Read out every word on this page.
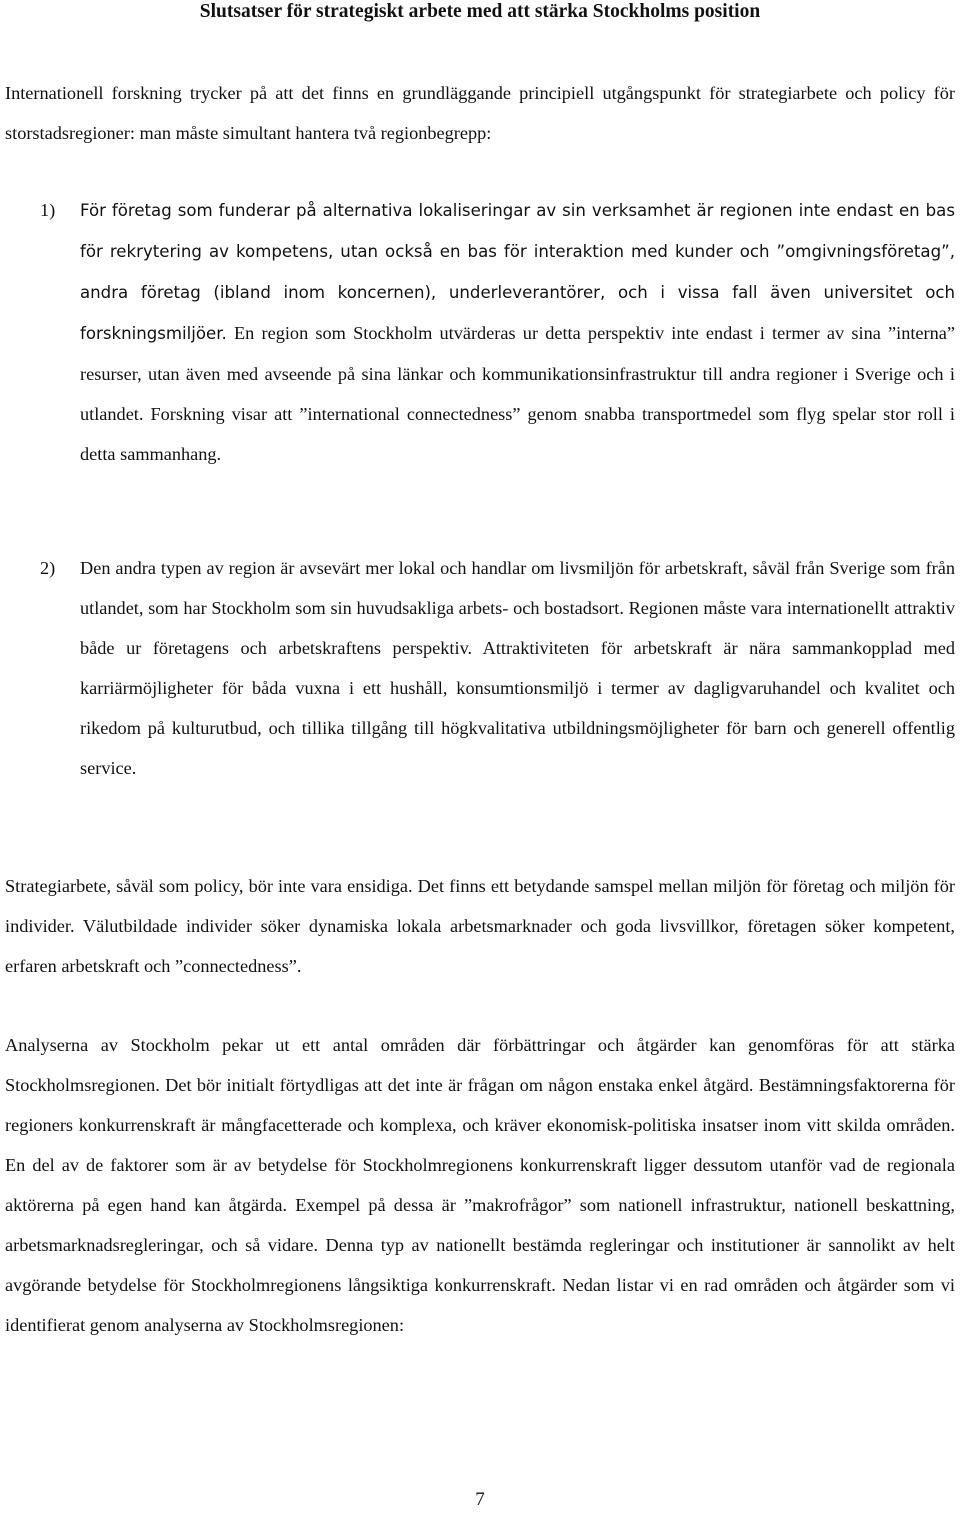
Slutsatser för strategiskt arbete med att stärka Stockholms position

Internationell forskning trycker på att det finns en grundläggande principiell utgångspunkt för strategiarbete och policy för storstadsregioner: man måste simultant hantera två regionbegrepp:

1)	För företag som funderar på alternativa lokaliseringar av sin verksamhet är regionen inte endast en bas för rekrytering av kompetens, utan också en bas för interaktion med kunder och ”omgivningsföretag”, andra företag (ibland inom koncernen), underleverantörer, och i vissa fall även universitet och forskningsmiljöer. En region som Stockholm utvärderas ur detta perspektiv inte endast i termer av sina ”interna” resurser, utan även med avseende på sina länkar och kommunikationsinfrastruktur till andra regioner i Sverige och i utlandet. Forskning visar att ”international connectedness” genom snabba transportmedel som flyg spelar stor roll i detta sammanhang.

2)	Den andra typen av region är avsevärt mer lokal och handlar om livsmiljön för arbetskraft, såväl från Sverige som från utlandet, som har Stockholm som sin huvudsakliga arbets- och bostadsort. Regionen måste vara internationellt attraktiv både ur företagens och arbetskraftens perspektiv. Attraktiviteten för arbetskraft är nära sammankopplad med karriärmöjligheter för båda vuxna i ett hushåll, konsumtionsmiljö i termer av dagligvaruhandel och kvalitet och rikedom på kulturutbud, och tillika tillgång till högkvalitativa utbildningsmöjligheter för barn och generell offentlig service.

Strategiarbete, såväl som policy, bör inte vara ensidiga. Det finns ett betydande samspel mellan miljön för företag och miljön för individer. Välutbildade individer söker dynamiska lokala arbetsmarknader och goda livsvillkor, företagen söker kompetent, erfaren arbetskraft och ”connectedness”.

Analyserna av Stockholm pekar ut ett antal områden där förbättringar och åtgärder kan genomföras för att stärka Stockholmsregionen. Det bör initialt förtydligas att det inte är frågan om någon enstaka enkel åtgärd. Bestämningsfaktorerna för regioners konkurrenskraft är mångfacetterade och komplexa, och kräver ekonomisk-politiska insatser inom vitt skilda områden. En del av de faktorer som är av betydelse för Stockholmregionens konkurrenskraft ligger dessutom utanför vad de regionala aktörerna på egen hand kan åtgärda. Exempel på dessa är ”makrofrågor” som nationell infrastruktur, nationell beskattning, arbetsmarknadsregleringar, och så vidare. Denna typ av nationellt bestämda regleringar och institutioner är sannolikt av helt avgörande betydelse för Stockholmregionens långsiktiga konkurrenskraft. Nedan listar vi en rad områden och åtgärder som vi identifierat genom analyserna av Stockholmsregionen:

7
